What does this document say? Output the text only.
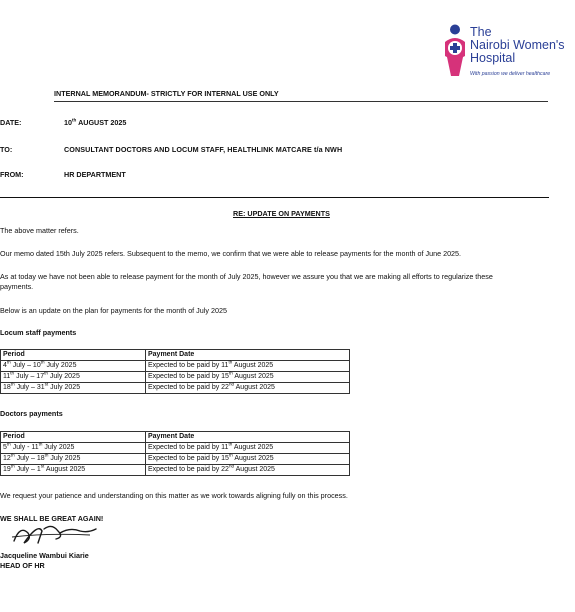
The
Nairobi Women's
Hospital
With passion we deliver healthcare
INTERNAL MEMORANDUM- STRICTLY FOR INTERNAL USE ONLY
DATE:	10th AUGUST 2025
TO:	CONSULTANT DOCTORS AND LOCUM STAFF, HEALTHLINK MATCARE t/a NWH
FROM:	HR DEPARTMENT
RE: UPDATE ON PAYMENTS
The above matter refers.
Our memo dated 15th July 2025 refers. Subsequent to the memo, we confirm that we were able to release payments for the month of June 2025.
As at today we have not been able to release payment for the month of July 2025, however we assure you that we are making all efforts to regularize these
payments.
Below is an update on the plan for payments for the month of July 2025
Locum staff payments
Period	Payment Date
4th July – 10th July 2025	Expected to be paid by 11th August 2025
11th July – 17th July 2025	Expected to be paid by 15th August 2025
18th July – 31st July 2025	Expected to be paid by 22nd August 2025
Doctors payments
Period	Payment Date
5th July - 11th July 2025	Expected to be paid by 11th August 2025
12th July – 18th July 2025	Expected to be paid by 15th August 2025
19th July – 1st August 2025	Expected to be paid by 22nd August 2025
We request your patience and understanding on this matter as we work towards aligning fully on this process.
WE SHALL BE GREAT AGAIN!
Jacqueline Wambui Kiarie
HEAD OF HR
